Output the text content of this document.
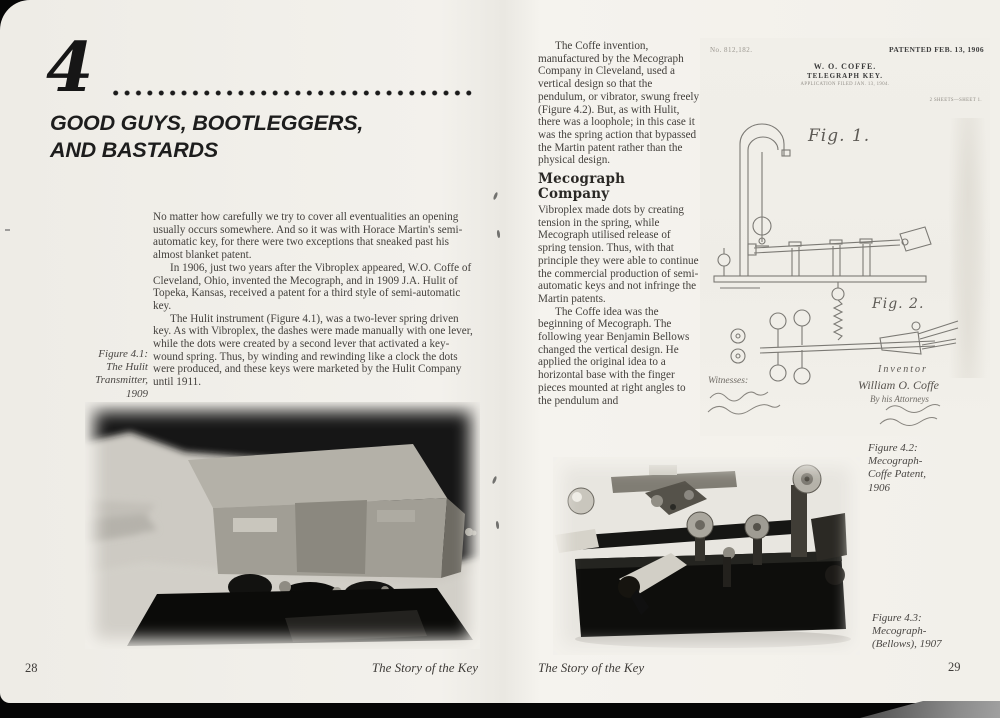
4
GOOD GUYS, BOOTLEGGERS,
AND BASTARDS

No matter how carefully we try to cover all eventualities an opening usually occurs somewhere. And so it was with Horace Martin's semi-automatic key, for there were two exceptions that sneaked past his almost blanket patent.

In 1906, just two years after the Vibroplex appeared, W.O. Coffe of Cleveland, Ohio, invented the Mecograph, and in 1909 J.A. Hulit of Topeka, Kansas, received a patent for a third style of semi-automatic key.

The Hulit instrument (Figure 4.1), was a two-lever spring driven key. As with Vibroplex, the dashes were made manually with one lever, while the dots were created by a second lever that activated a key-wound spring. Thus, by winding and rewinding like a clock the dots were produced, and these keys were marketed by the Hulit Company until 1911.

Figure 4.1:
The Hulit
Transmitter,
1909
28	The Story of the Key

The Coffe invention, manufactured by the Mecograph Company in Cleveland, used a vertical design so that the pendulum, or vibrator, swung freely (Figure 4.2). But, as with Hulit, there was a loophole; in this case it was the spring action that bypassed the Martin patent rather than the physical design.

Mecograph Company

Vibroplex made dots by creating tension in the spring, while Mecograph utilised release of spring tension. Thus, with that principle they were able to continue the commercial production of semi-automatic keys and not infringe the Martin patents.

The Coffe idea was the beginning of Mecograph. The following year Benjamin Bellows changed the vertical design. He applied the original idea to a horizontal base with the finger pieces mounted at right angles to the pendulum and

No. 812,182.	PATENTED FEB. 13, 1906
W. O. COFFE.
TELEGRAPH KEY.
APPLICATION FILED JAN. 13, 1904.
2 SHEETS—SHEET 1.
Fig. 1.
Fig. 2.
Witnesses:
Inventor
William O. Coffe
By his Attorneys
Figure 4.2:
Mecograph-
Coffe Patent,
1906
Figure 4.3:
Mecograph-
(Bellows), 1907
The Story of the Key	29
